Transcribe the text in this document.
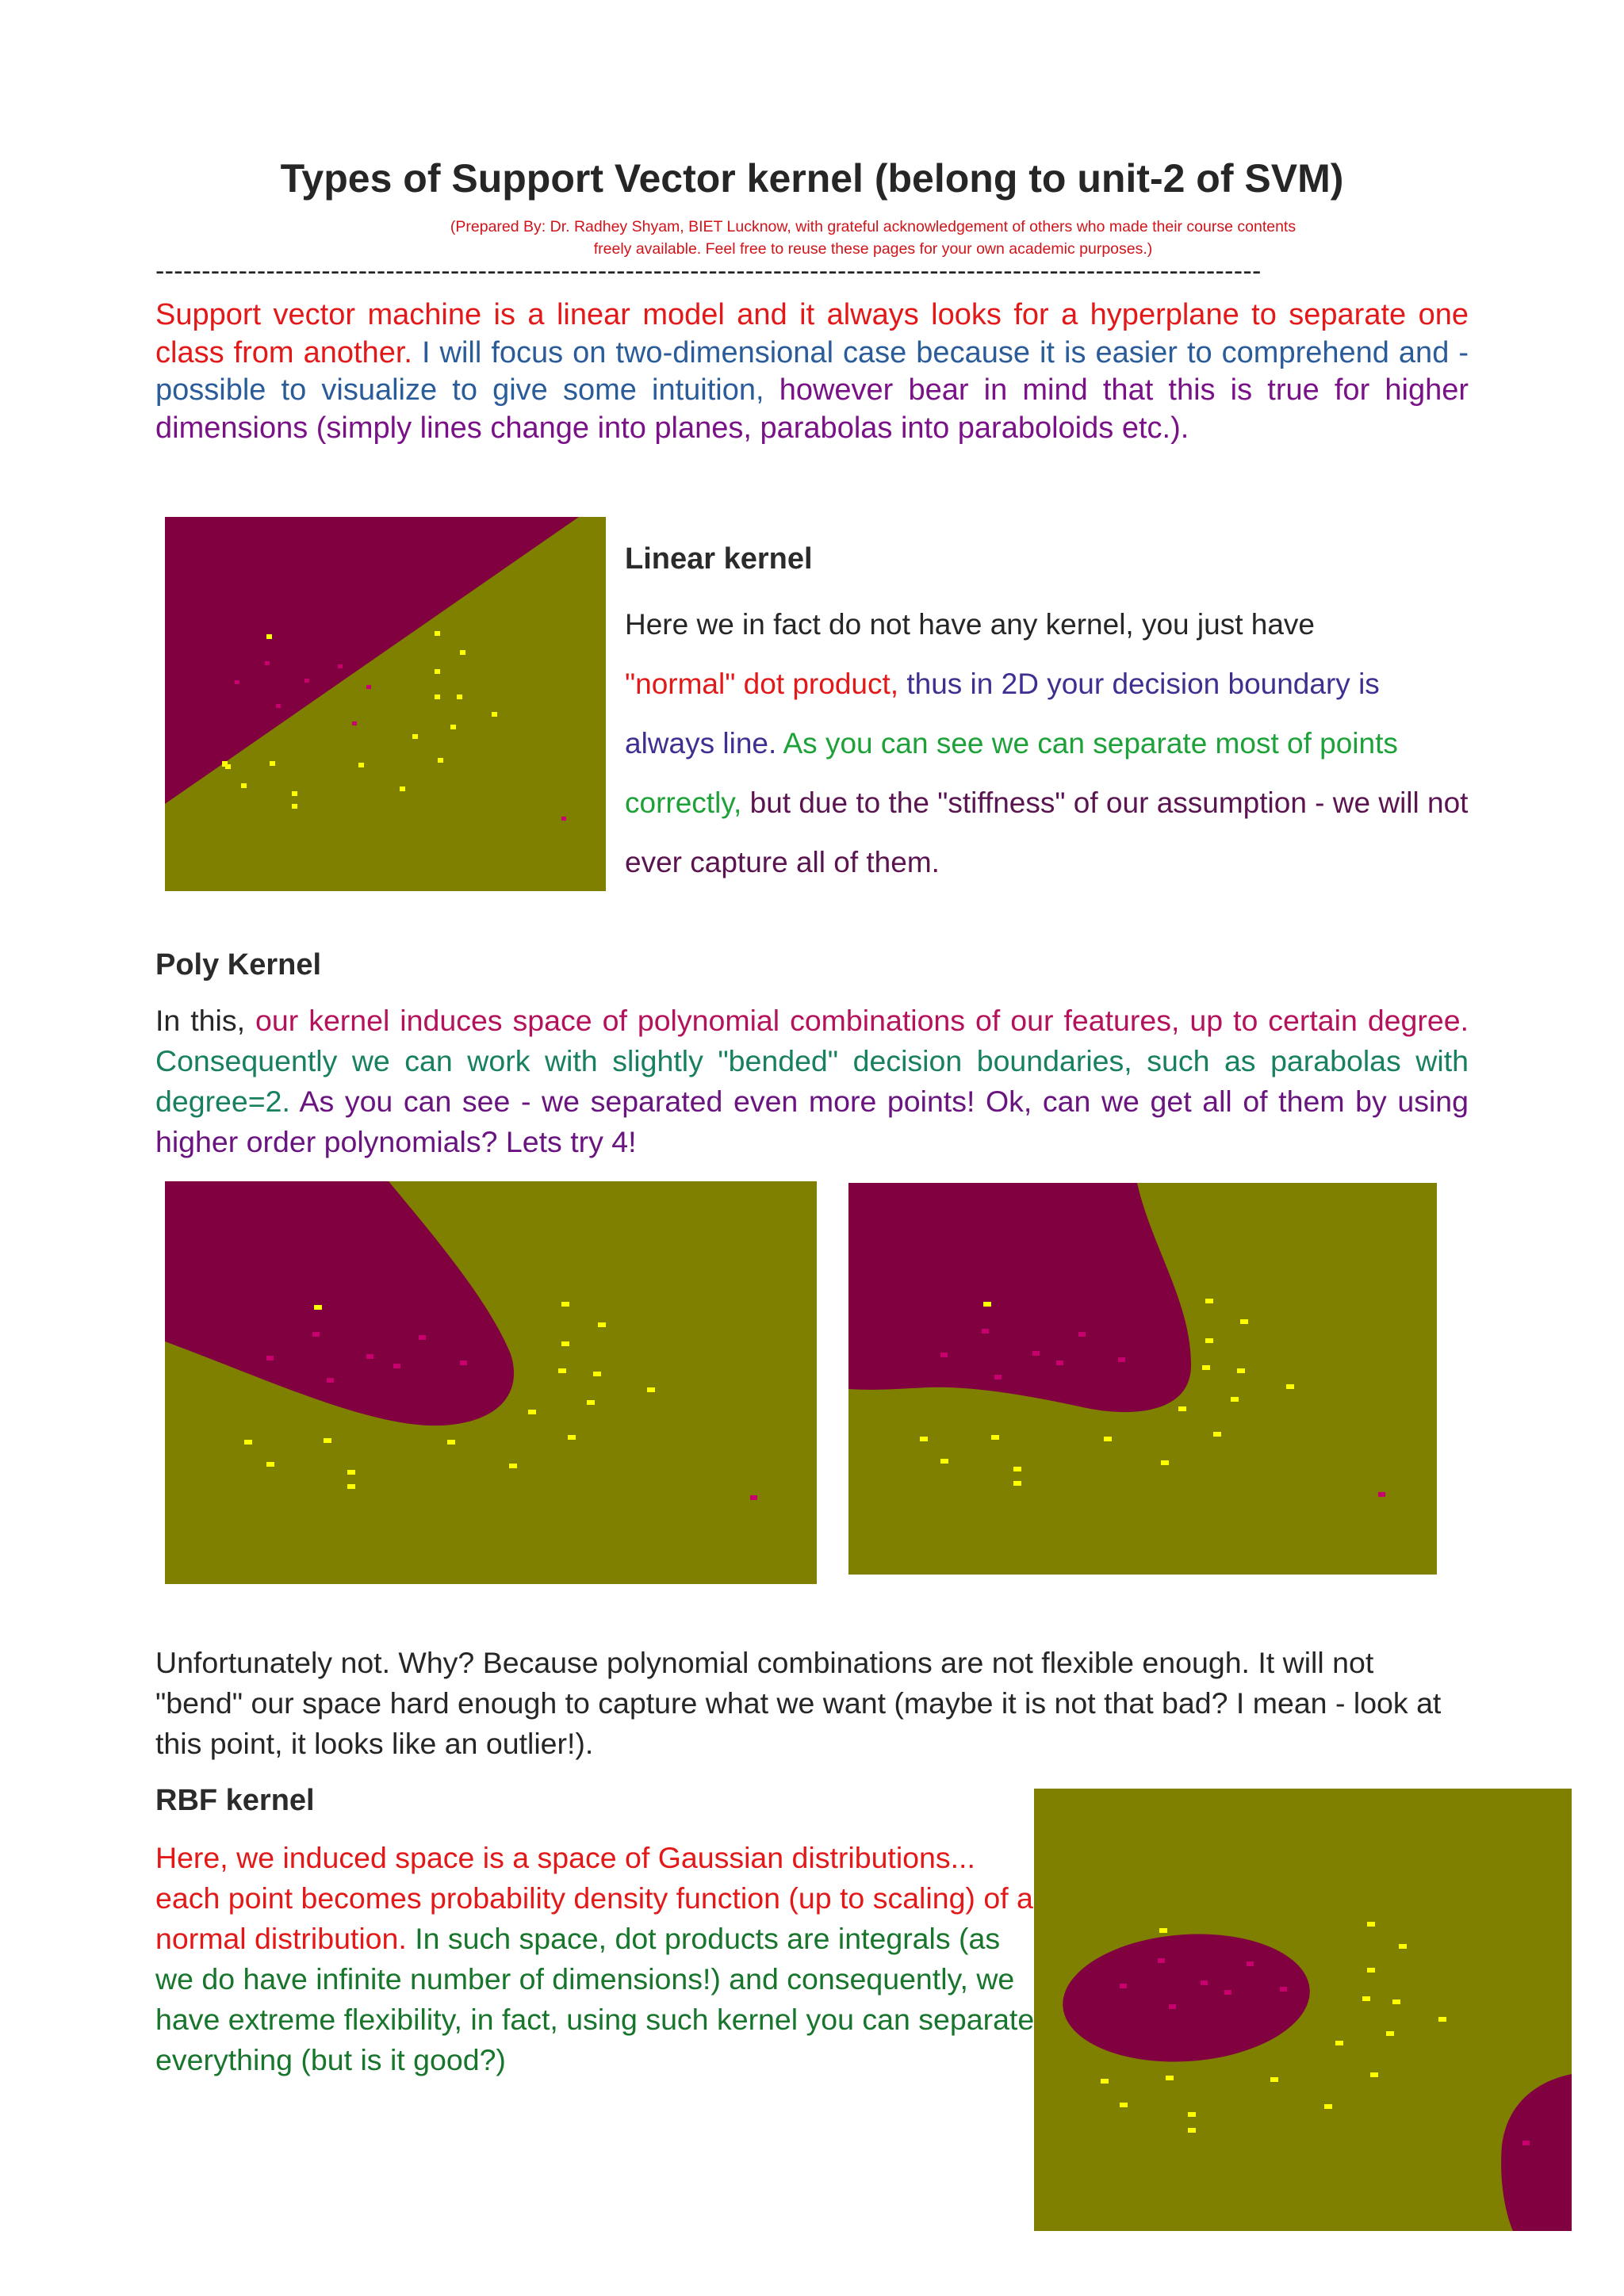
Types of Support Vector kernel (belong to unit-2 of SVM)
(Prepared By: Dr. Radhey Shyam, BIET Lucknow, with grateful acknowledgement of others who made their course contents
freely available. Feel free to reuse these pages for your own academic purposes.)
------------------------------------------------------------------------------------------------------------------------

Support vector machine is a linear model and it always looks for a hyperplane to separate one class from another. I will focus on two-dimensional case because it is easier to comprehend and - possible to visualize to give some intuition, however bear in mind that this is true for higher dimensions (simply lines change into planes, parabolas into paraboloids etc.).

Linear kernel

Here we in fact do not have any kernel, you just have
"normal" dot product, thus in 2D your decision boundary is always line. As you can see we can separate most of points correctly, but due to the "stiffness" of our assumption - we will not ever capture all of them.

Poly Kernel

In this, our kernel induces space of polynomial combinations of our features, up to certain degree. Consequently we can work with slightly "bended" decision boundaries, such as parabolas with degree=2. As you can see - we separated even more points! Ok, can we get all of them by using higher order polynomials? Lets try 4!

Unfortunately not. Why? Because polynomial combinations are not flexible enough. It will not "bend" our space hard enough to capture what we want (maybe it is not that bad? I mean - look at this point, it looks like an outlier!).

RBF kernel

Here, we induced space is a space of Gaussian distributions... each point becomes probability density function (up to scaling) of a normal distribution. In such space, dot products are integrals (as we do have infinite number of dimensions!) and consequently, we have extreme flexibility, in fact, using such kernel you can separate everything (but is it good?)
